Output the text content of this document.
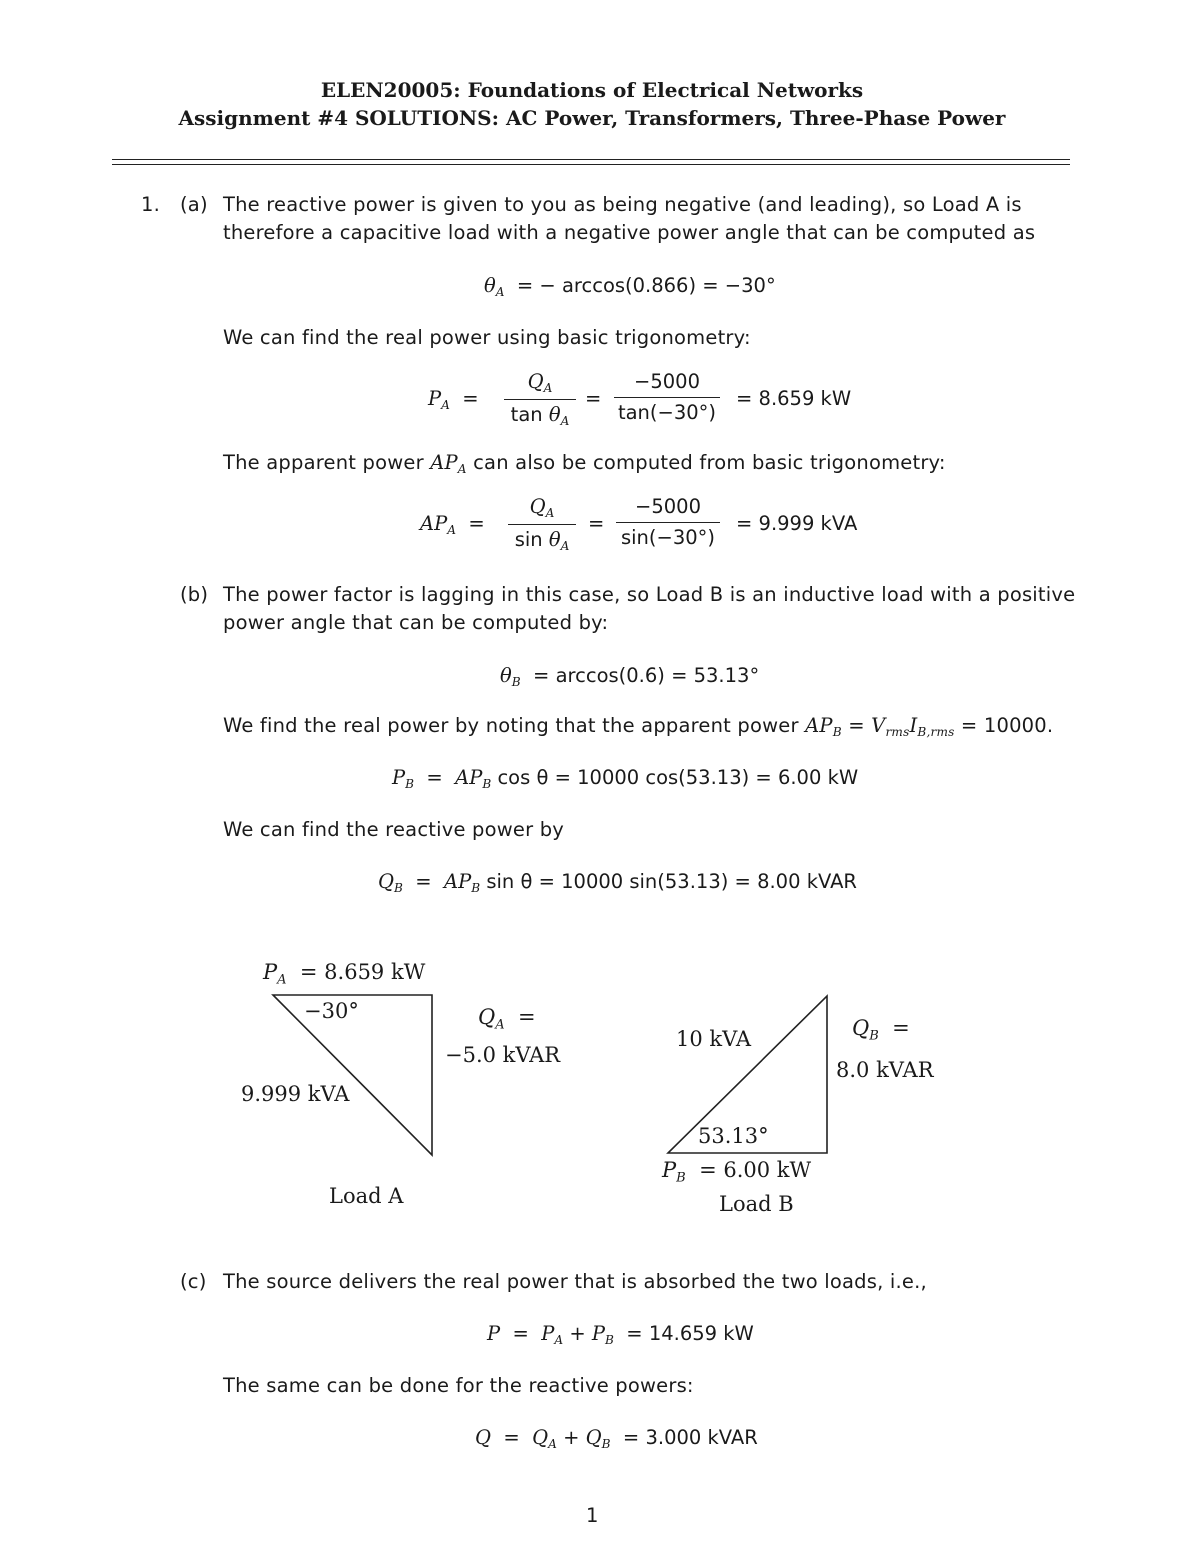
ELEN20005: Foundations of Electrical Networks
Assignment #4 SOLUTIONS: AC Power, Transformers, Three-Phase Power
1. (a) The reactive power is given to you as being negative (and leading), so Load A is
therefore a capacitive load with a negative power angle that can be computed as
$\theta_A$ = − arccos(0.866) = −30°
We can find the real power using basic trigonometry:
$P_A = \frac{Q_A}{\tan \theta_A} = \frac{-5000}{\tan(-30^\circ)} = 8.659$ kW
The apparent power $AP_A$ can also be computed from basic trigonometry:
$AP_A = \frac{Q_A}{\sin \theta_A} = \frac{-5000}{\sin(-30^\circ)} = 9.999$ kVA
(b) The power factor is lagging in this case, so Load B is an inductive load with a positive
power angle that can be computed by:
$\theta_B = \arccos(0.6) = 53.13^\circ$
We find the real power by noting that the apparent power $AP_B = V_{rms}I_{B,rms} = 10000$.
$P_B = AP_B$ cos θ = 10000 cos(53.13) = 6.00 kW
We can find the reactive power by
$Q_B = AP_B$ sin θ = 10000 sin(53.13) = 8.00 kVAR
$P_A = 8.659$ kW
−30°	$Q_A$ =
−5.0 kVAR
9.999 kVA
Load A
10 kVA	$Q_B$ =
8.0 kVAR
53.13°
$P_B = 6.00$ kW
Load B
(c) The source delivers the real power that is absorbed the two loads, i.e.,
$P = P_A + P_B = 14.659$ kW
The same can be done for the reactive powers:
$Q = Q_A + Q_B = 3.000$ kVAR
1
